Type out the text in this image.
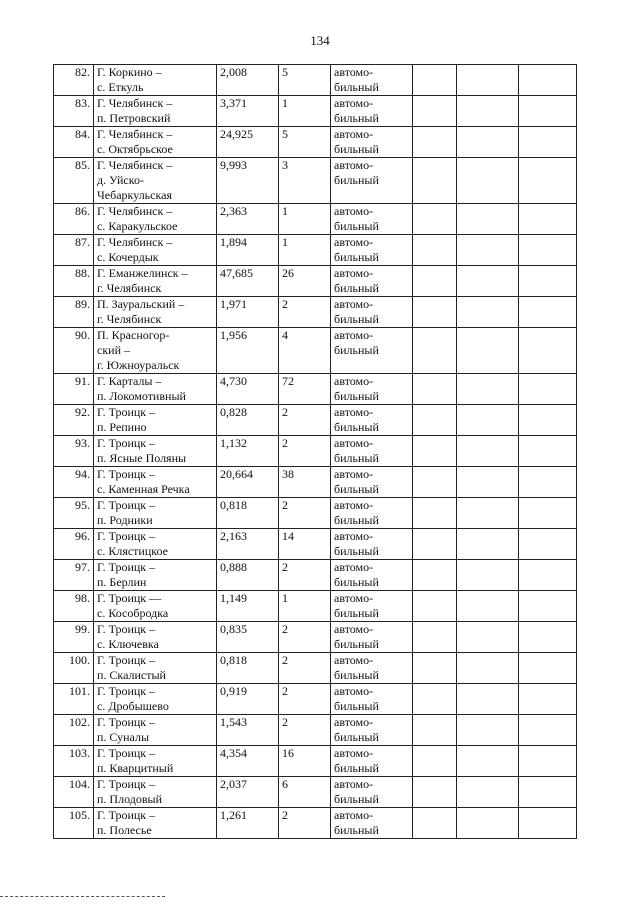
134
82.	Г. Коркино –
с. Еткуль	2,008	5	автомо-
бильный			

83.	Г. Челябинск –
п. Петровский	3,371	1	автомо-
бильный			

84.	Г. Челябинск –
с. Октябрьское	24,925	5	автомо-
бильный			

85.	Г. Челябинск –
д. Уйско-
Чебаркульская	9,993	3	автомо-
бильный			

86.	Г. Челябинск –
с. Каракульское	2,363	1	автомо-
бильный			

87.	Г. Челябинск –
с. Кочердык	1,894	1	автомо-
бильный			

88.	Г. Еманжелинск –
г. Челябинск	47,685	26	автомо-
бильный			

89.	П. Зауральский –
г. Челябинск	1,971	2	автомо-
бильный			

90.	П. Красногор-
ский –
г. Южноуральск	1,956	4	автомо-
бильный			

91.	Г. Карталы –
п. Локомотивный	4,730	72	автомо-
бильный			

92.	Г. Троицк –
п. Репино	0,828	2	автомо-
бильный			

93.	Г. Троицк –
п. Ясные Поляны	1,132	2	автомо-
бильный			

94.	Г. Троицк –
с. Каменная Речка	20,664	38	автомо-
бильный			

95.	Г. Троицк –
п. Родники	0,818	2	автомо-
бильный			

96.	Г. Троицк –
с. Клястицкое	2,163	14	автомо-
бильный			

97.	Г. Троицк –
п. Берлин	0,888	2	автомо-
бильный			

98.	Г. Троицк —
с. Кособродка	1,149	1	автомо-
бильный			

99.	Г. Троицк –
с. Ключевка	0,835	2	автомо-
бильный			

100.	Г. Троицк –
п. Скалистый	0,818	2	автомо-
бильный			

101.	Г. Троицк –
с. Дробышево	0,919	2	автомо-
бильный			

102.	Г. Троицк –
п. Суналы	1,543	2	автомо-
бильный			

103.	Г. Троицк –
п. Кварцитный	4,354	16	автомо-
бильный			

104.	Г. Троицк –
п. Плодовый	2,037	6	автомо-
бильный			

105.	Г. Троицк –
п. Полесье	1,261	2	автомо-
бильный			
